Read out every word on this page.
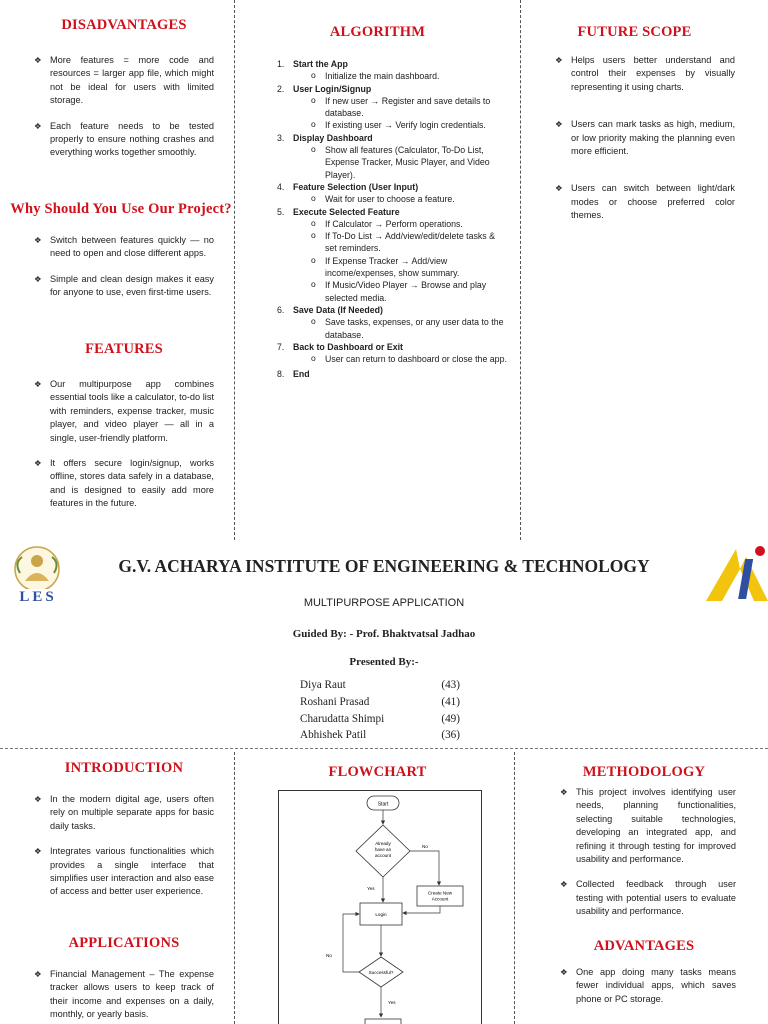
DISADVANTAGES
❖ More features = more code and resources = larger app file, which might not be ideal for users with limited storage.
❖ Each feature needs to be tested properly to ensure nothing crashes and everything works together smoothly.
Why Should You Use Our Project?
❖ Switch between features quickly — no need to open and close different apps.
❖ Simple and clean design makes it easy for anyone to use, even first-time users.
FEATURES
❖ Our multipurpose app combines essential tools like a calculator, to-do list with reminders, expense tracker, music player, and video player — all in a single, user-friendly platform.
❖ It offers secure login/signup, works offline, stores data safely in a database, and is designed to easily add more features in the future.
ALGORITHM
1. Start the App
o Initialize the main dashboard.
2. User Login/Signup
o If new user → Register and save details to database.
o If existing user → Verify login credentials.
3. Display Dashboard
o Show all features (Calculator, To-Do List, Expense Tracker, Music Player, and Video Player).
4. Feature Selection (User Input)
o Wait for user to choose a feature.
5. Execute Selected Feature
o If Calculator → Perform operations.
o If To-Do List → Add/view/edit/delete tasks & set reminders.
o If Expense Tracker → Add/view income/expenses, show summary.
o If Music/Video Player → Browse and play selected media.
6. Save Data (If Needed)
o Save tasks, expenses, or any user data to the database.
7. Back to Dashboard or Exit
o User can return to dashboard or close the app.
8. End
FUTURE SCOPE
❖ Helps users better understand and control their expenses by visually representing it using charts.
❖ Users can mark tasks as high, medium, or low priority making the planning even more efficient.
❖ Users can switch between light/dark modes or choose preferred color themes.
LES
G.V. ACHARYA INSTITUTE OF ENGINEERING & TECHNOLOGY
MULTIPURPOSE APPLICATION
Guided By: - Prof. Bhaktvatsal Jadhao
Presented By:-
Diya Raut	(43)
Roshani Prasad	(41)
Charudatta Shimpi	(49)
Abhishek Patil	(36)
INTRODUCTION
❖ In the modern digital age, users often rely on multiple separate apps for basic daily tasks.
❖ Integrates various functionalities which provides a single interface that simplifies user interaction and also ease of access and better user experience.
APPLICATIONS
❖ Financial Management – The expense tracker allows users to keep track of their income and expenses on a daily, monthly, or yearly basis.
FLOWCHART
Start
Already
have an
account
No
Create New
Account
Yes
Login
Successful?
No
Yes
METHODOLOGY
❖ This project involves identifying user needs, planning functionalities, selecting suitable technologies, developing an integrated app, and refining it through testing for improved usability and performance.
❖ Collected feedback through user testing with potential users to evaluate usability and performance.
ADVANTAGES
❖ One app doing many tasks means fewer individual apps, which saves phone or PC storage.
